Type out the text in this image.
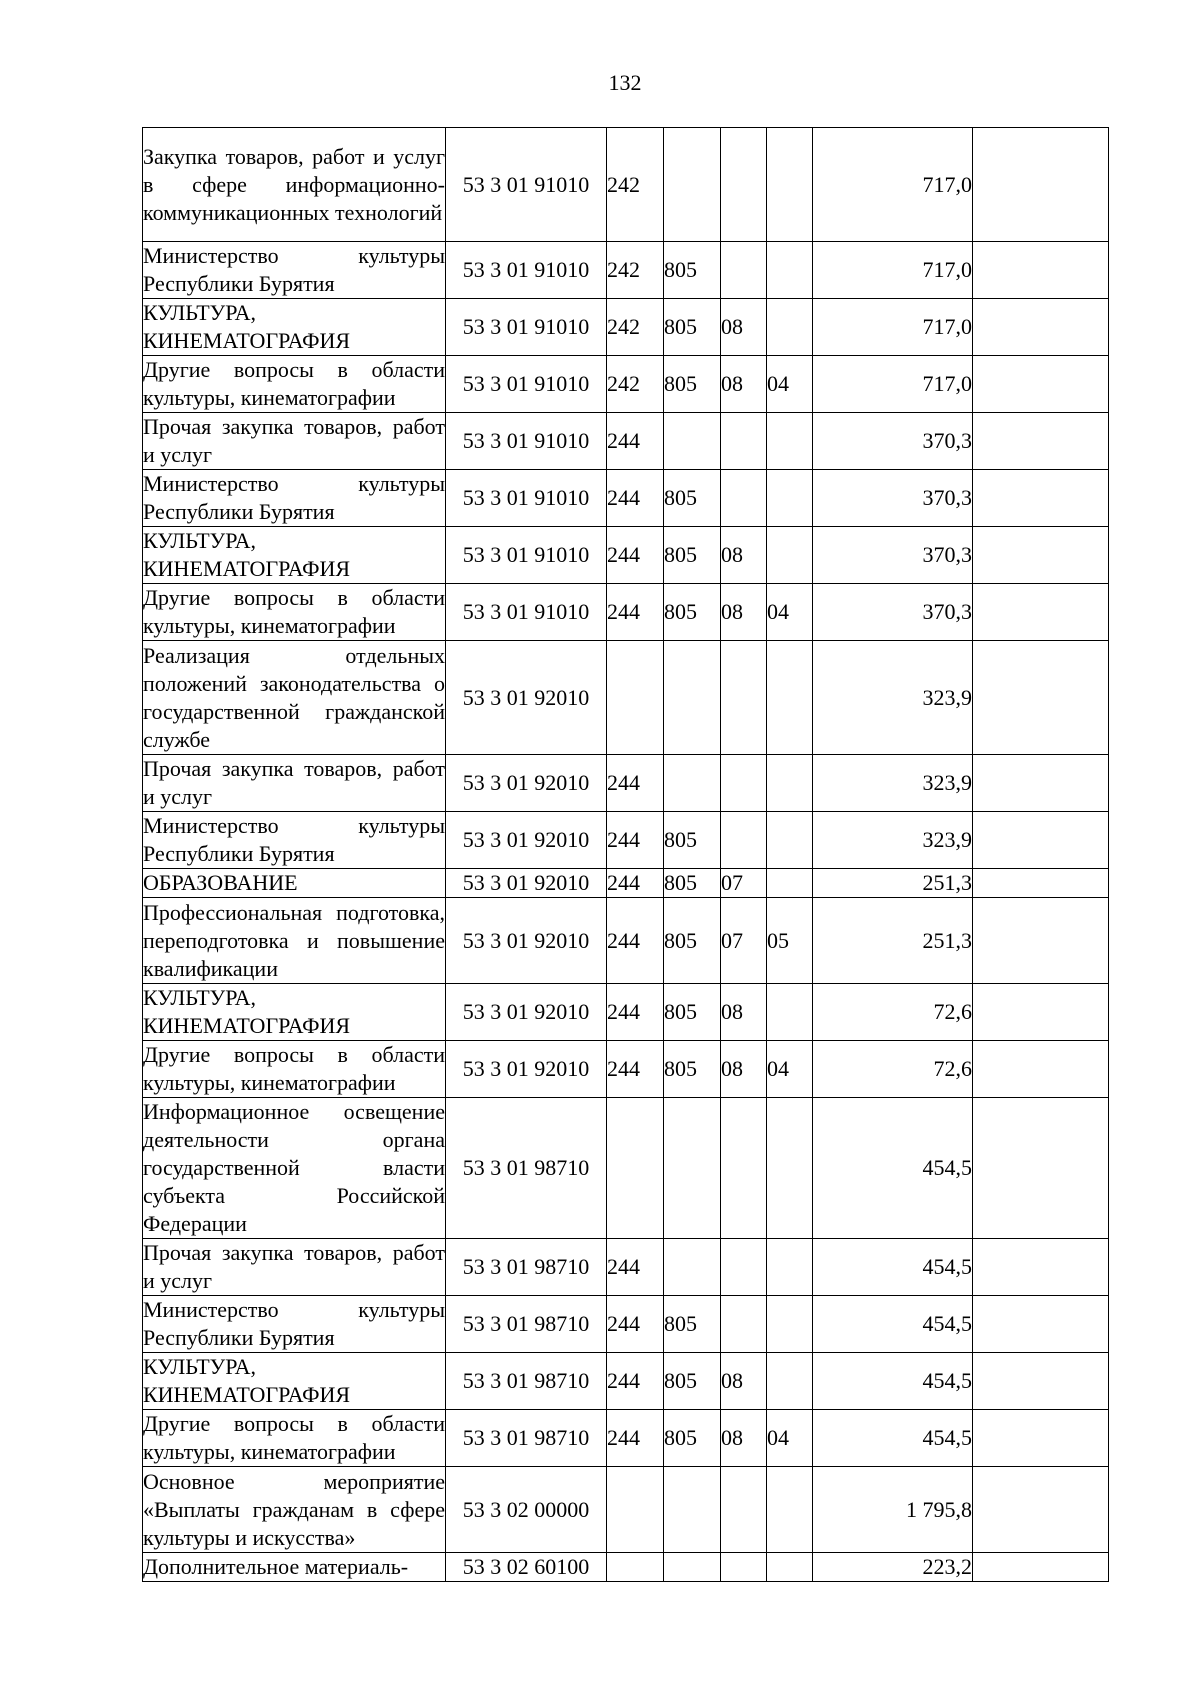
132
Закупка товаров, работ и услуг в сфере информационно-коммуникационных технологий	53 3 01 91010	242				717,0	
Министерство культуры Республики Бурятия	53 3 01 91010	242	805			717,0	
КУЛЬТУРА, КИНЕМАТОГРАФИЯ	53 3 01 91010	242	805	08		717,0	
Другие вопросы в области культуры, кинематографии	53 3 01 91010	242	805	08	04	717,0	
Прочая закупка товаров, работ и услуг	53 3 01 91010	244				370,3	
Министерство культуры Республики Бурятия	53 3 01 91010	244	805			370,3	
КУЛЬТУРА, КИНЕМАТОГРАФИЯ	53 3 01 91010	244	805	08		370,3	
Другие вопросы в области культуры, кинематографии	53 3 01 91010	244	805	08	04	370,3	
Реализация отдельных положений законодательства о государственной гражданской службе	53 3 01 92010					323,9	
Прочая закупка товаров, работ и услуг	53 3 01 92010	244				323,9	
Министерство культуры Республики Бурятия	53 3 01 92010	244	805			323,9	
ОБРАЗОВАНИЕ	53 3 01 92010	244	805	07		251,3	
Профессиональная подготовка, переподготовка и повышение квалификации	53 3 01 92010	244	805	07	05	251,3	
КУЛЬТУРА, КИНЕМАТОГРАФИЯ	53 3 01 92010	244	805	08		72,6	
Другие вопросы в области культуры, кинематографии	53 3 01 92010	244	805	08	04	72,6	
Информационное освещение деятельности органа государственной власти субъекта Российской Федерации	53 3 01 98710					454,5	
Прочая закупка товаров, работ и услуг	53 3 01 98710	244				454,5	
Министерство культуры Республики Бурятия	53 3 01 98710	244	805			454,5	
КУЛЬТУРА, КИНЕМАТОГРАФИЯ	53 3 01 98710	244	805	08		454,5	
Другие вопросы в области культуры, кинематографии	53 3 01 98710	244	805	08	04	454,5	
Основное мероприятие «Выплаты гражданам в сфере культуры и искусства»	53 3 02 00000					1 795,8	
Дополнительное материаль-	53 3 02 60100					223,2	
